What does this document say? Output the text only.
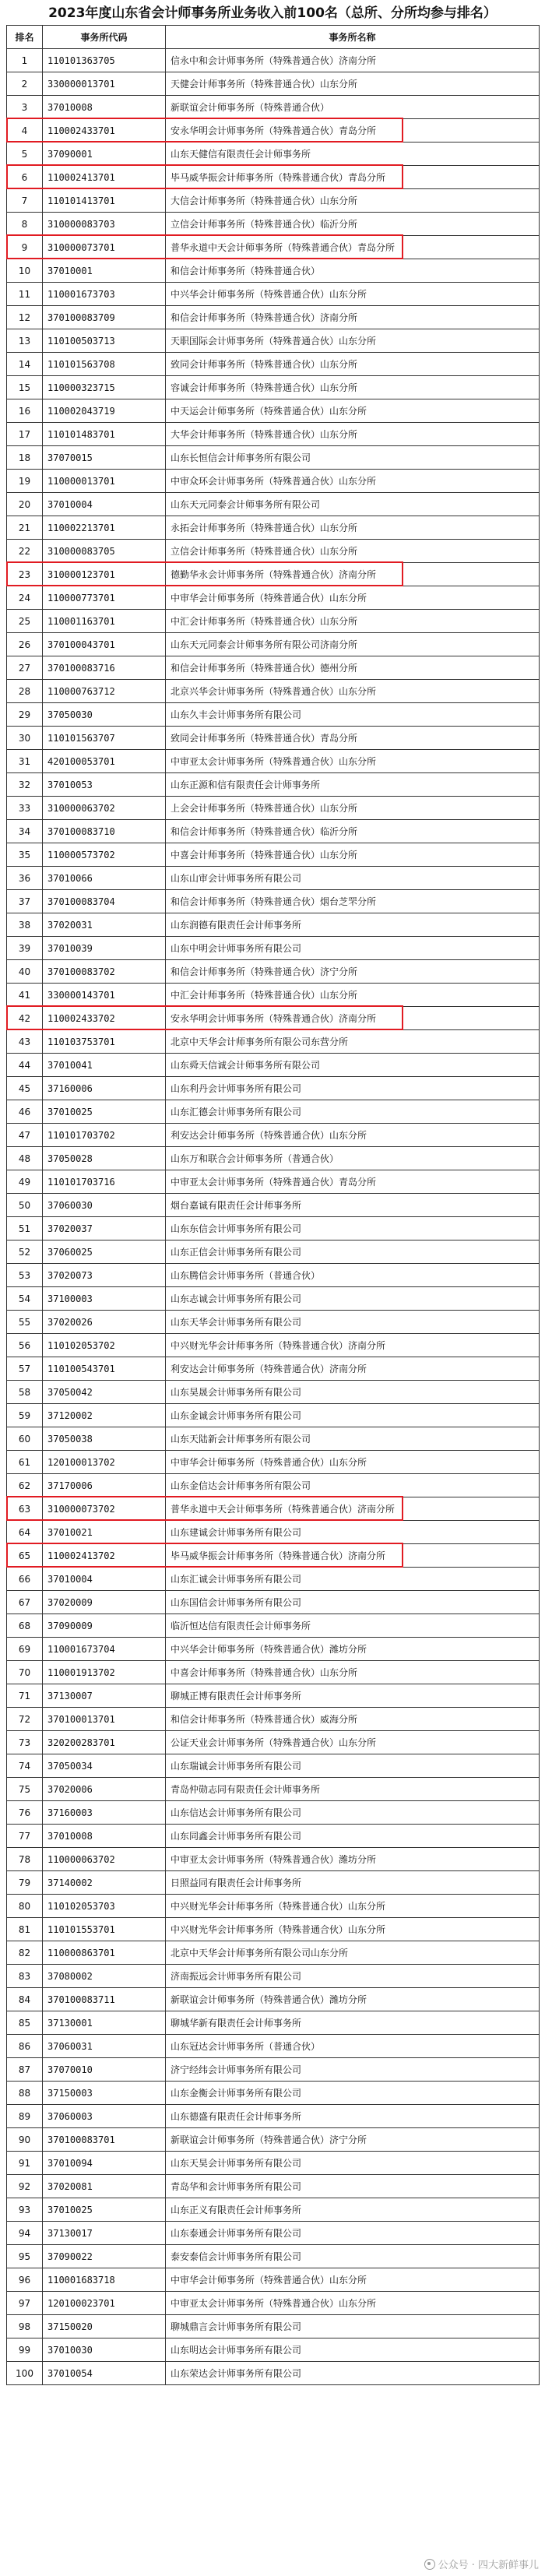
2023年度山东省会计师事务所业务收入前100名（总所、分所均参与排名）
排名	事务所代码	事务所名称
1	110101363705	信永中和会计师事务所（特殊普通合伙）济南分所
2	330000013701	天健会计师事务所（特殊普通合伙）山东分所
3	37010008	新联谊会计师事务所（特殊普通合伙）
4	110002433701	安永华明会计师事务所（特殊普通合伙）青岛分所
5	37090001	山东天健信有限责任会计师事务所
6	110002413701	毕马威华振会计师事务所（特殊普通合伙）青岛分所
7	110101413701	大信会计师事务所（特殊普通合伙）山东分所
8	310000083703	立信会计师事务所（特殊普通合伙）临沂分所
9	310000073701	普华永道中天会计师事务所（特殊普通合伙）青岛分所
10	37010001	和信会计师事务所（特殊普通合伙）
11	110001673703	中兴华会计师事务所（特殊普通合伙）山东分所
12	370100083709	和信会计师事务所（特殊普通合伙）济南分所
13	110100503713	天职国际会计师事务所（特殊普通合伙）山东分所
14	110101563708	致同会计师事务所（特殊普通合伙）山东分所
15	110000323715	容诚会计师事务所（特殊普通合伙）山东分所
16	110002043719	中天运会计师事务所（特殊普通合伙）山东分所
17	110101483701	大华会计师事务所（特殊普通合伙）山东分所
18	37070015	山东长恒信会计师事务所有限公司
19	110000013701	中审众环会计师事务所（特殊普通合伙）山东分所
20	37010004	山东天元同泰会计师事务所有限公司
21	110002213701	永拓会计师事务所（特殊普通合伙）山东分所
22	310000083705	立信会计师事务所（特殊普通合伙）山东分所
23	310000123701	德勤华永会计师事务所（特殊普通合伙）济南分所
24	110000773701	中审华会计师事务所（特殊普通合伙）山东分所
25	110001163701	中汇会计师事务所（特殊普通合伙）山东分所
26	370100043701	山东天元同泰会计师事务所有限公司济南分所
27	370100083716	和信会计师事务所（特殊普通合伙）德州分所
28	110000763712	北京兴华会计师事务所（特殊普通合伙）山东分所
29	37050030	山东久丰会计师事务所有限公司
30	110101563707	致同会计师事务所（特殊普通合伙）青岛分所
31	420100053701	中审亚太会计师事务所（特殊普通合伙）山东分所
32	37010053	山东正源和信有限责任会计师事务所
33	310000063702	上会会计师事务所（特殊普通合伙）山东分所
34	370100083710	和信会计师事务所（特殊普通合伙）临沂分所
35	110000573702	中喜会计师事务所（特殊普通合伙）山东分所
36	37010066	山东山审会计师事务所有限公司
37	370100083704	和信会计师事务所（特殊普通合伙）烟台芝罘分所
38	37020031	山东润德有限责任会计师事务所
39	37010039	山东中明会计师事务所有限公司
40	370100083702	和信会计师事务所（特殊普通合伙）济宁分所
41	330000143701	中汇会计师事务所（特殊普通合伙）山东分所
42	110002433702	安永华明会计师事务所（特殊普通合伙）济南分所
43	110103753701	北京中天华会计师事务所有限公司东营分所
44	37010041	山东舜天信诚会计师事务所有限公司
45	37160006	山东利丹会计师事务所有限公司
46	37010025	山东汇德会计师事务所有限公司
47	110101703702	利安达会计师事务所（特殊普通合伙）山东分所
48	37050028	山东万和联合会计师事务所（普通合伙）
49	110101703716	中审亚太会计师事务所（特殊普通合伙）青岛分所
50	37060030	烟台嘉诚有限责任会计师事务所
51	37020037	山东东信会计师事务所有限公司
52	37060025	山东正信会计师事务所有限公司
53	37020073	山东腾信会计师事务所（普通合伙）
54	37100003	山东志诚会计师事务所有限公司
55	37020026	山东天华会计师事务所有限公司
56	110102053702	中兴财光华会计师事务所（特殊普通合伙）济南分所
57	110100543701	利安达会计师事务所（特殊普通合伙）济南分所
58	37050042	山东昊晟会计师事务所有限公司
59	37120002	山东金诚会计师事务所有限公司
60	37050038	山东天陆新会计师事务所有限公司
61	120100013702	中审华会计师事务所（特殊普通合伙）山东分所
62	37170006	山东金信达会计师事务所有限公司
63	310000073702	普华永道中天会计师事务所（特殊普通合伙）济南分所
64	37010021	山东建诚会计师事务所有限公司
65	110002413702	毕马威华振会计师事务所（特殊普通合伙）济南分所
66	37010004	山东汇诚会计师事务所有限公司
67	37020009	山东国信会计师事务所有限公司
68	37090009	临沂恒达信有限责任会计师事务所
69	110001673704	中兴华会计师事务所（特殊普通合伙）潍坊分所
70	110001913702	中喜会计师事务所（特殊普通合伙）山东分所
71	37130007	聊城正博有限责任会计师事务所
72	370100013701	和信会计师事务所（特殊普通合伙）威海分所
73	320200283701	公证天业会计师事务所（特殊普通合伙）山东分所
74	37050034	山东瑞诚会计师事务所有限公司
75	37020006	青岛仲勋志同有限责任会计师事务所
76	37160003	山东信达会计师事务所有限公司
77	37010008	山东同鑫会计师事务所有限公司
78	110000063702	中审亚太会计师事务所（特殊普通合伙）潍坊分所
79	37140002	日照益同有限责任会计师事务所
80	110102053703	中兴财光华会计师事务所（特殊普通合伙）山东分所
81	110101553701	中兴财光华会计师事务所（特殊普通合伙）山东分所
82	110000863701	北京中天华会计师事务所有限公司山东分所
83	37080002	济南振远会计师事务所有限公司
84	370100083711	新联谊会计师事务所（特殊普通合伙）潍坊分所
85	37130001	聊城华新有限责任会计师事务所
86	37060031	山东冠达会计师事务所（普通合伙）
87	37070010	济宁经纬会计师事务所有限公司
88	37150003	山东金衡会计师事务所有限公司
89	37060003	山东德盛有限责任会计师事务所
90	370100083701	新联谊会计师事务所（特殊普通合伙）济宁分所
91	37010094	山东天昊会计师事务所有限公司
92	37020081	青岛华和会计师事务所有限公司
93	37010025	山东正义有限责任会计师事务所
94	37130017	山东泰通会计师事务所有限公司
95	37090022	泰安泰信会计师事务所有限公司
96	110001683718	中审华会计师事务所（特殊普通合伙）山东分所
97	120100023701	中审亚太会计师事务所（特殊普通合伙）山东分所
98	37150020	聊城鼎言会计师事务所有限公司
99	37010030	山东明达会计师事务所有限公司
100	37010054	山东荣达会计师事务所有限公司
公众号 · 四大新鲜事儿
